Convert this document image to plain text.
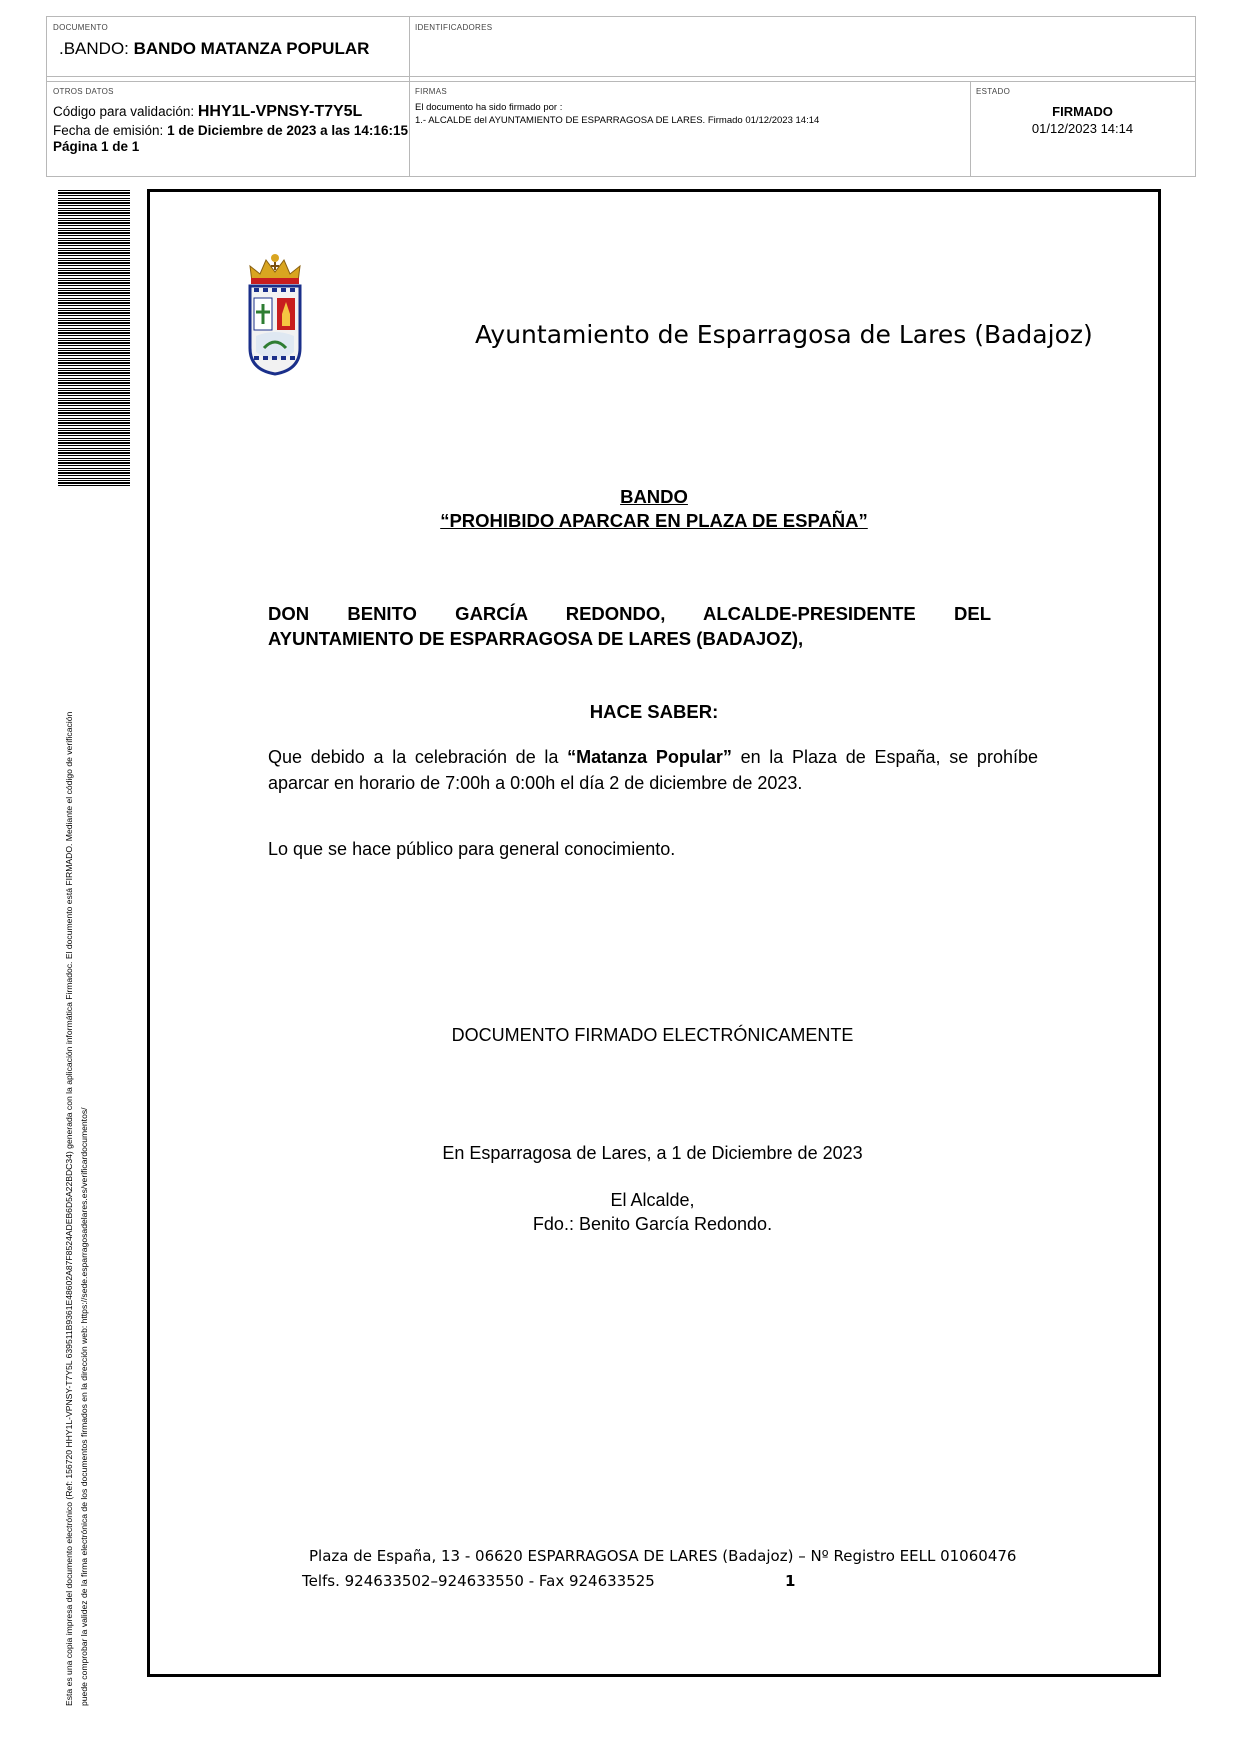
DOCUMENTO
.BANDO: BANDO MATANZA POPULAR
IDENTIFICADORES
OTROS DATOS
Código para validación: HHY1L-VPNSY-T7Y5L
Fecha de emisión: 1 de Diciembre de 2023 a las 14:16:15
Página 1 de 1
FIRMAS
El documento ha sido firmado por :
1.- ALCALDE del AYUNTAMIENTO DE ESPARRAGOSA DE LARES. Firmado 01/12/2023 14:14
ESTADO
FIRMADO
01/12/2023 14:14
Esta es una copia impresa del documento electrónico (Ref: 156720 HHY1L-VPNSY-T7Y5L 639511B9361E48602A87F8524ADEB6D5A22BDC34) generada con la aplicación informática Firmadoc. El documento está FIRMADO. Mediante el código de verificación puede comprobar la validez de la firma electrónica de los documentos firmados en la dirección web: https://sede.esparragosadelares.es/verificardocumentos/
Ayuntamiento de Esparragosa de Lares (Badajoz)
BANDO
“PROHIBIDO APARCAR EN PLAZA DE ESPAÑA”
DON BENITO GARCÍA REDONDO, ALCALDE-PRESIDENTE DEL
AYUNTAMIENTO DE ESPARRAGOSA DE LARES (BADAJOZ),
HACE SABER:
Que debido a la celebración de la “Matanza Popular” en la Plaza de España, se prohíbe aparcar en horario de 7:00h a 0:00h el día 2 de diciembre de 2023.
Lo que se hace público para general conocimiento.
DOCUMENTO FIRMADO ELECTRÓNICAMENTE
En Esparragosa de Lares, a 1 de Diciembre de 2023
El Alcalde,
Fdo.: Benito García Redondo.
Plaza de España, 13 - 06620 ESPARRAGOSA DE LARES (Badajoz) – Nº Registro EELL 01060476
Telfs. 924633502–924633550 - Fax 924633525	1
